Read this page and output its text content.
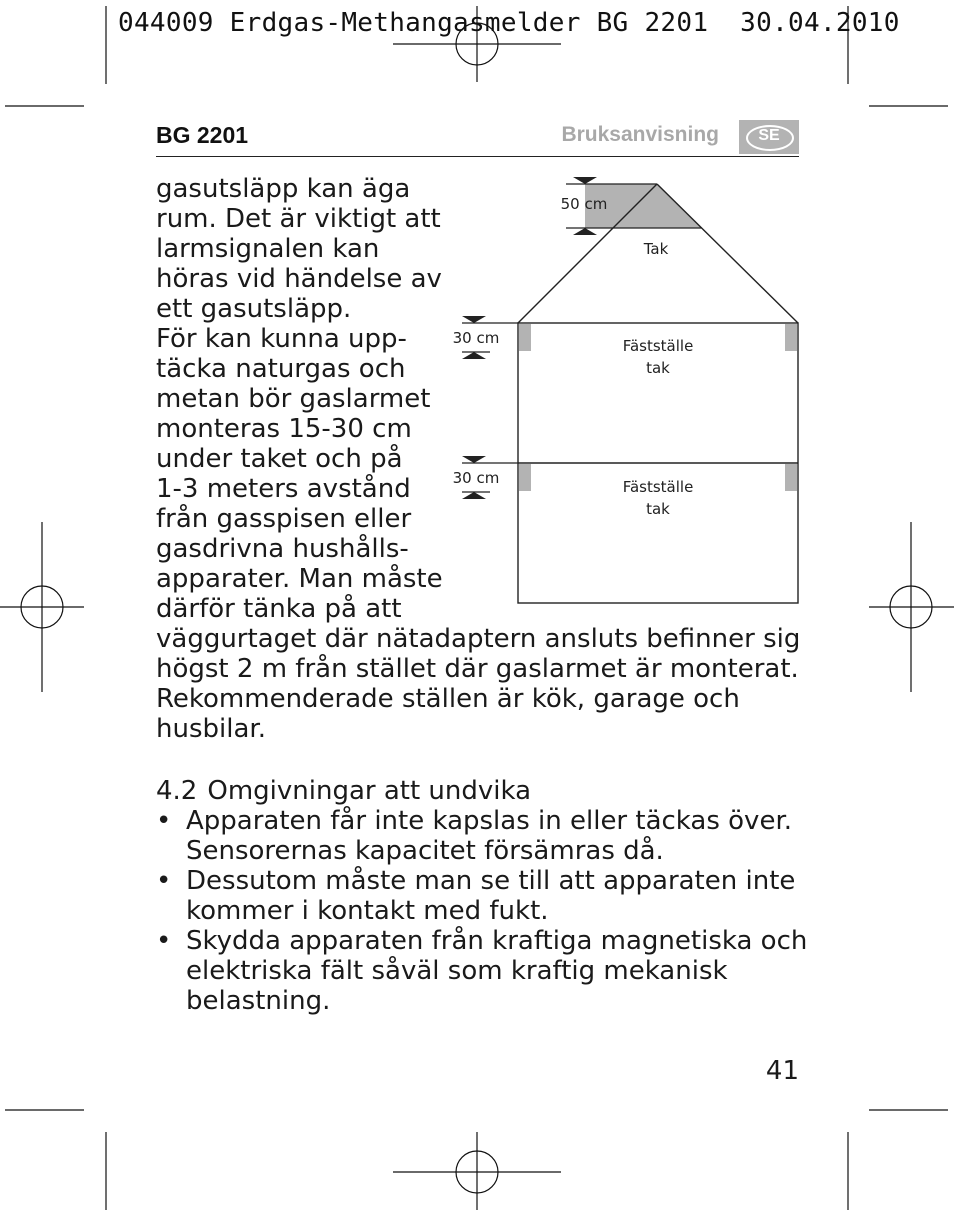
044009 Erdgas-Methangasmelder BG 2201  30.04.2010
BG 2201	Bruksanvisning	SE

gasutsläpp kan äga
rum. Det är viktigt att
larmsignalen kan
höras vid händelse av
ett gasutsläpp.
För kan kunna upp-
täcka naturgas och
metan bör gaslarmet
monteras 15-30 cm
under taket och på
1-3 meters avstånd
från gasspisen eller
gasdrivna hushålls-
apparater. Man måste
därför tänka på att

50 cm
Tak
30 cm	Fästställe
tak
30 cm	Fästställe
tak

väggurtaget där nätadaptern ansluts befinner sig
högst 2 m från stället där gaslarmet är monterat.
Rekommenderade ställen är kök, garage och
husbilar.

4.2 Omgivningar att undvika
• Apparaten får inte kapslas in eller täckas över.
Sensorernas kapacitet försämras då.
• Dessutom måste man se till att apparaten inte
kommer i kontakt med fukt.
• Skydda apparaten från kraftiga magnetiska och
elektriska fält såväl som kraftig mekanisk
belastning.
41
